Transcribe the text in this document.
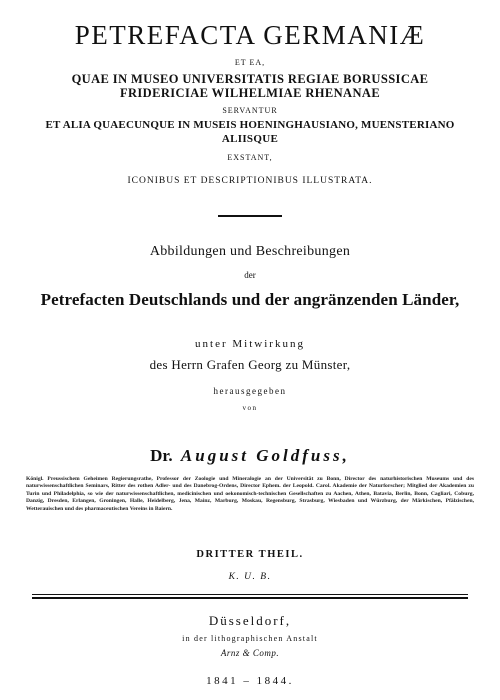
PETREFACTA GERMANIÆ
ET EA,
QUAE IN MUSEO UNIVERSITATIS REGIAE BORUSSICAE
FRIDERICIAE WILHELMIAE RHENANAE
SERVANTUR
ET ALIA QUAECUNQUE IN MUSEIS HOENINGHAUSIANO, MUENSTERIANO
ALIISQUE
EXSTANT,
ICONIBUS ET DESCRIPTIONIBUS ILLUSTRATA.
Abbildungen und Beschreibungen
der
Petrefacten Deutschlands und der angränzenden Länder,
unter Mitwirkung
des Herrn Grafen Georg zu Münster,
herausgegeben
von
Dr. August Goldfuss,
Königl. Preussischem Geheimen Regierungsrathe, Professor der Zoologie und Mineralogie an der Universität zu Bonn, Director des naturhistorischen Museums und des naturwissenschaftlichen Seminars, Ritter des rothen Adler- und des Danebrog-Ordens, Director Ephem. der Leopold. Carol. Akademie der Naturforscher; Mitglied der Akademien zu Turin und Philadelphia, so wie der naturwissenschaftlichen, medicinischen und oekonomisch-technischen Gesellschaften zu Aachen, Athen, Batavia, Berlin, Bonn, Cagliari, Coburg, Danzig, Dresden, Erlangen, Groningen, Halle, Heidelberg, Jena, Mainz, Marburg, Moskau, Regensburg, Strasburg, Wiesbaden und Würzburg, der Märkischen, Pfälzischen, Wetterauischen und des pharmaceutischen Vereins in Baiern.
DRITTER THEIL.
K. U. B.
Düsseldorf,
in der lithographischen Anstalt
Arnz & Comp.
1841 – 1844.
